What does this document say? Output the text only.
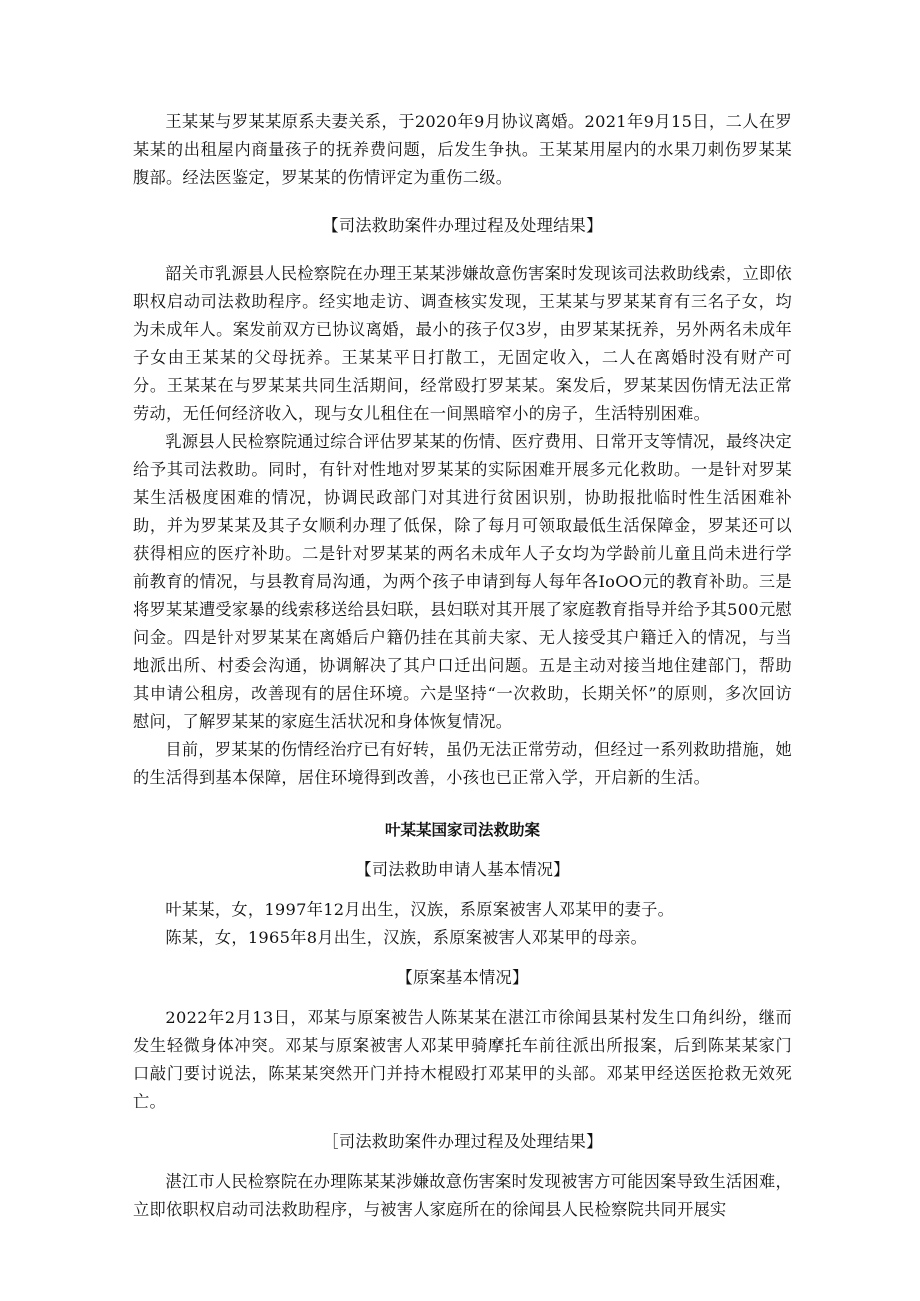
王某某与罗某某原系夫妻关系，于2020年9月协议离婚。2021年9月15日，二人在罗某某的出租屋内商量孩子的抚养费问题，后发生争执。王某某用屋内的水果刀刺伤罗某某腹部。经法医鉴定，罗某某的伤情评定为重伤二级。

【司法救助案件办理过程及处理结果】

韶关市乳源县人民检察院在办理王某某涉嫌故意伤害案时发现该司法救助线索，立即依职权启动司法救助程序。经实地走访、调查核实发现，王某某与罗某某育有三名子女，均为未成年人。案发前双方已协议离婚，最小的孩子仅3岁，由罗某某抚养，另外两名未成年子女由王某某的父母抚养。王某某平日打散工，无固定收入，二人在离婚时没有财产可分。王某某在与罗某某共同生活期间，经常殴打罗某某。案发后，罗某某因伤情无法正常劳动，无任何经济收入，现与女儿租住在一间黑暗窄小的房子，生活特别困难。

乳源县人民检察院通过综合评估罗某某的伤情、医疗费用、日常开支等情况，最终决定给予其司法救助。同时，有针对性地对罗某某的实际困难开展多元化救助。一是针对罗某某生活极度困难的情况，协调民政部门对其进行贫困识别，协助报批临时性生活困难补助，并为罗某某及其子女顺利办理了低保，除了每月可领取最低生活保障金，罗某还可以获得相应的医疗补助。二是针对罗某某的两名未成年人子女均为学龄前儿童且尚未进行学前教育的情况，与县教育局沟通，为两个孩子申请到每人每年各IoOO元的教育补助。三是将罗某某遭受家暴的线索移送给县妇联，县妇联对其开展了家庭教育指导并给予其500元慰问金。四是针对罗某某在离婚后户籍仍挂在其前夫家、无人接受其户籍迁入的情况，与当地派出所、村委会沟通，协调解决了其户口迁出问题。五是主动对接当地住建部门，帮助其申请公租房，改善现有的居住环境。六是坚持“一次救助，长期关怀”的原则，多次回访慰问，了解罗某某的家庭生活状况和身体恢复情况。

目前，罗某某的伤情经治疗已有好转，虽仍无法正常劳动，但经过一系列救助措施，她的生活得到基本保障，居住环境得到改善，小孩也已正常入学，开启新的生活。

叶某某国家司法救助案

【司法救助申请人基本情况】

叶某某，女，1997年12月出生，汉族，系原案被害人邓某甲的妻子。

陈某，女，1965年8月出生，汉族，系原案被害人邓某甲的母亲。

【原案基本情况】

2022年2月13日，邓某与原案被告人陈某某在湛江市徐闻县某村发生口角纠纷，继而发生轻微身体冲突。邓某与原案被害人邓某甲骑摩托车前往派出所报案，后到陈某某家门口敲门要讨说法，陈某某突然开门并持木棍殴打邓某甲的头部。邓某甲经送医抢救无效死亡。

［司法救助案件办理过程及处理结果】

湛江市人民检察院在办理陈某某涉嫌故意伤害案时发现被害方可能因案导致生活困难，立即依职权启动司法救助程序，与被害人家庭所在的徐闻县人民检察院共同开展实
